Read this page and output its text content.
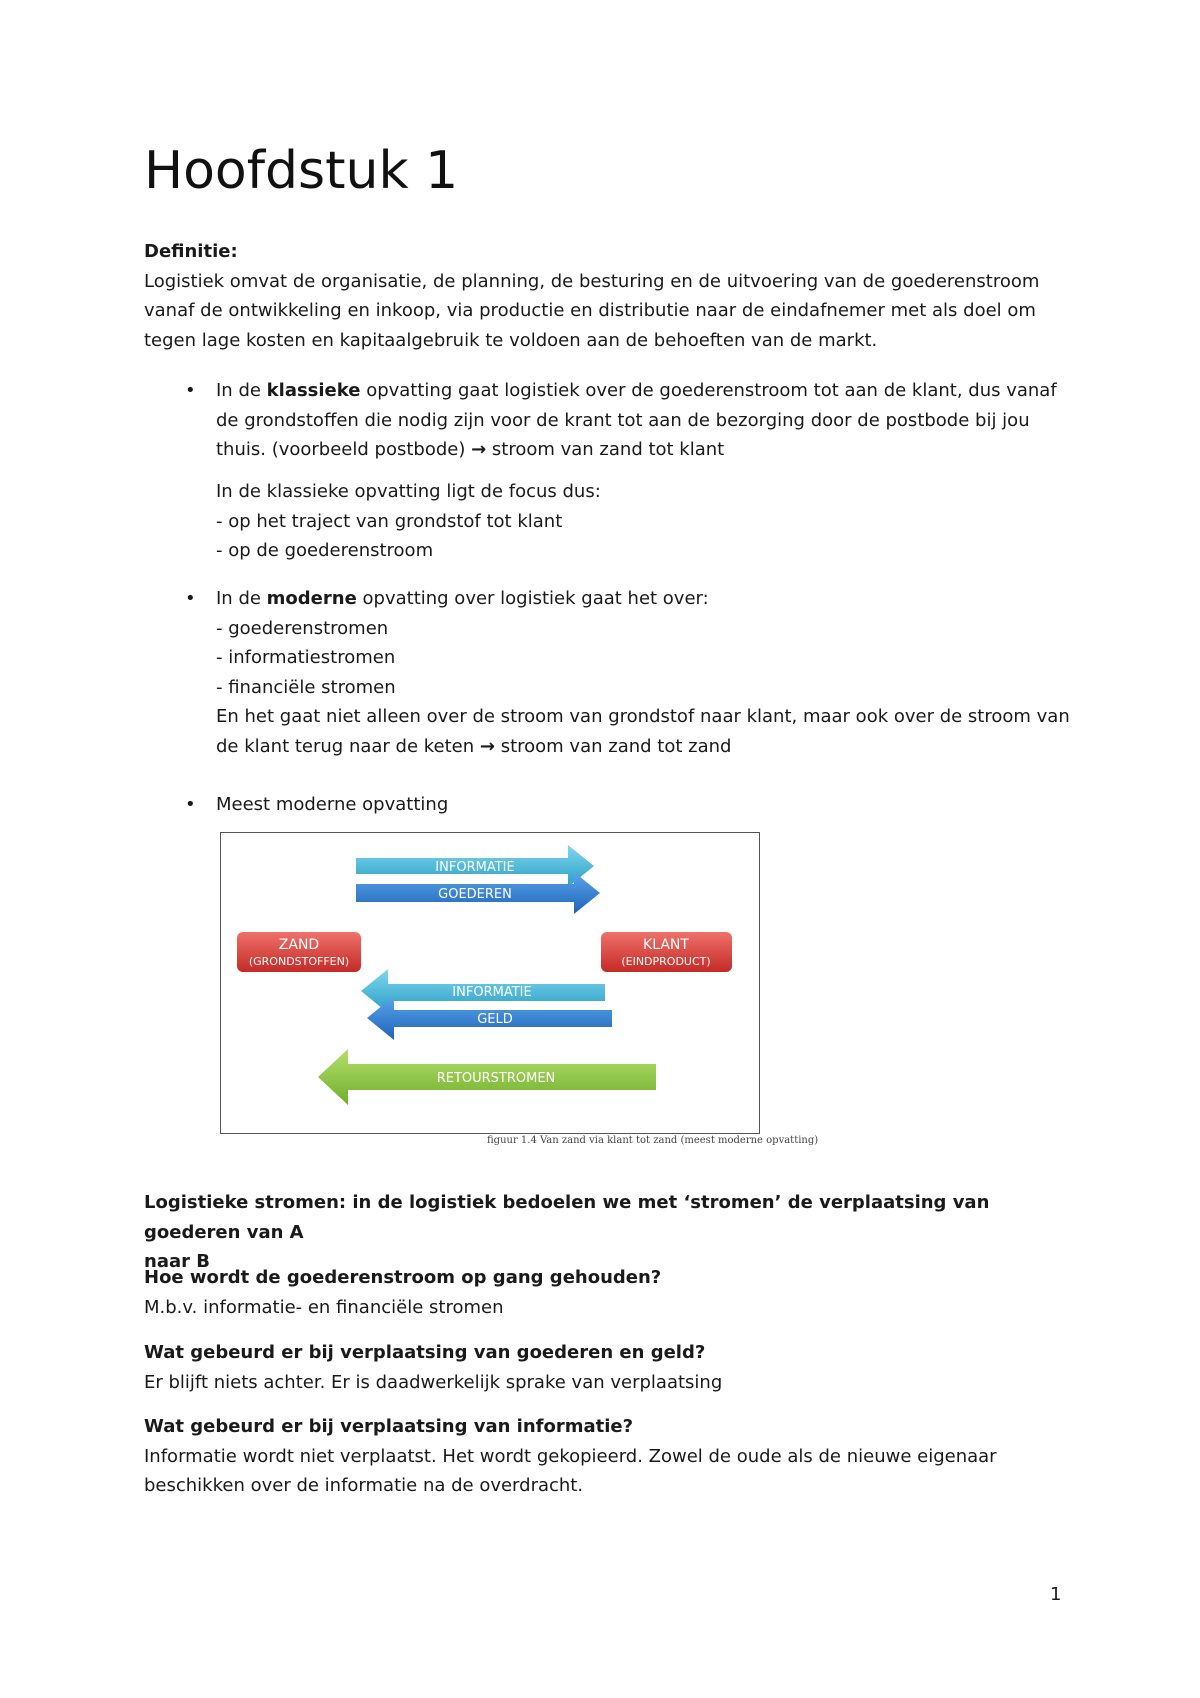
Hoofdstuk 1

Definitie:

Logistiek omvat de organisatie, de planning, de besturing en de uitvoering van de goederenstroom

vanaf de ontwikkeling en inkoop, via productie en distributie naar de eindafnemer met als doel om

tegen lage kosten en kapitaalgebruik te voldoen aan de behoeften van de markt.

• In de klassieke opvatting gaat logistiek over de goederenstroom tot aan de klant, dus vanaf

de grondstoffen die nodig zijn voor de krant tot aan de bezorging door de postbode bij jou

thuis. (voorbeeld postbode) → stroom van zand tot klant

In de klassieke opvatting ligt de focus dus:

- op het traject van grondstof tot klant

- op de goederenstroom

• In de moderne opvatting over logistiek gaat het over:

- goederenstromen

- informatiestromen

- financiële stromen

En het gaat niet alleen over de stroom van grondstof naar klant, maar ook over de stroom van

de klant terug naar de keten → stroom van zand tot zand

• Meest moderne opvatting

INFORMATIE
GOEDEREN
ZAND
(GRONDSTOFFEN)
KLANT
(EINDPRODUCT)
INFORMATIE
GELD
RETOURSTROMEN
figuur 1.4 Van zand via klant tot zand (meest moderne opvatting)

Logistieke stromen: in de logistiek bedoelen we met ‘stromen’ de verplaatsing van goederen van A

naar B

Hoe wordt de goederenstroom op gang gehouden?

M.b.v. informatie- en financiële stromen

Wat gebeurd er bij verplaatsing van goederen en geld?

Er blijft niets achter. Er is daadwerkelijk sprake van verplaatsing

Wat gebeurd er bij verplaatsing van informatie?

Informatie wordt niet verplaatst. Het wordt gekopieerd. Zowel de oude als de nieuwe eigenaar

beschikken over de informatie na de overdracht.

1
